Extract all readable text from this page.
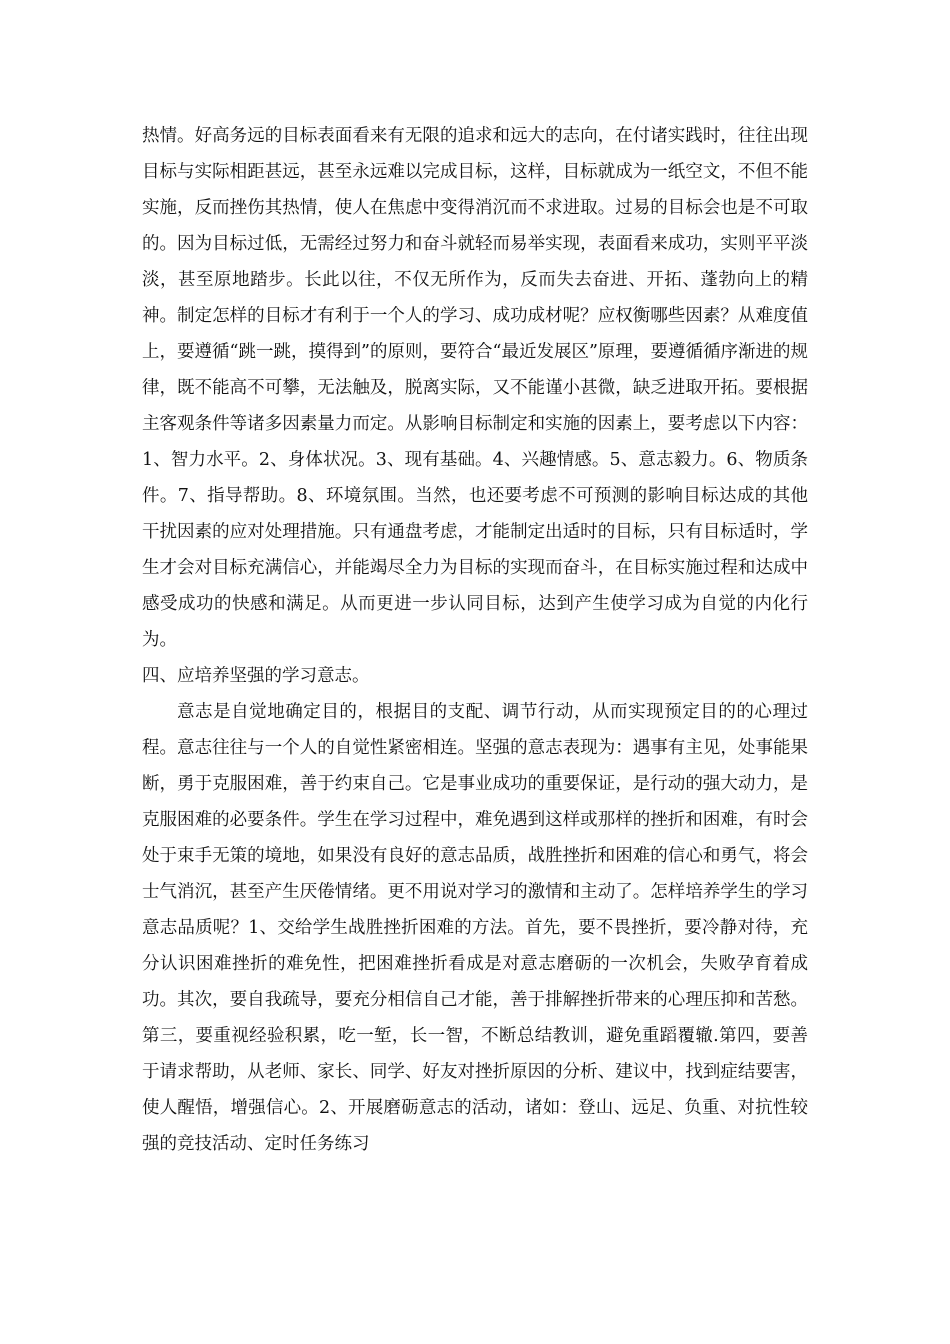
热情。好高务远的目标表面看来有无限的追求和远大的志向，在付诸实践时，往往出现目标与实际相距甚远，甚至永远难以完成目标，这样，目标就成为一纸空文，不但不能实施，反而挫伤其热情，使人在焦虑中变得消沉而不求进取。过易的目标会也是不可取的。因为目标过低，无需经过努力和奋斗就轻而易举实现，表面看来成功，实则平平淡淡，甚至原地踏步。长此以往，不仅无所作为，反而失去奋进、开拓、蓬勃向上的精神。制定怎样的目标才有利于一个人的学习、成功成材呢？应权衡哪些因素？从难度值上，要遵循“跳一跳，摸得到”的原则，要符合“最近发展区”原理，要遵循循序渐进的规律，既不能高不可攀，无法触及，脱离实际，又不能谨小甚微，缺乏进取开拓。要根据主客观条件等诸多因素量力而定。从影响目标制定和实施的因素上，要考虑以下内容：1、智力水平。2、身体状况。3、现有基础。4、兴趣情感。5、意志毅力。6、物质条件。7、指导帮助。8、环境氛围。当然，也还要考虑不可预测的影响目标达成的其他干扰因素的应对处理措施。只有通盘考虑，才能制定出适时的目标，只有目标适时，学生才会对目标充满信心，并能竭尽全力为目标的实现而奋斗，在目标实施过程和达成中感受成功的快感和满足。从而更进一步认同目标，达到产生使学习成为自觉的内化行为。

四、应培养坚强的学习意志。

意志是自觉地确定目的，根据目的支配、调节行动，从而实现预定目的的心理过程。意志往往与一个人的自觉性紧密相连。坚强的意志表现为：遇事有主见，处事能果断，勇于克服困难，善于约束自己。它是事业成功的重要保证，是行动的强大动力，是克服困难的必要条件。学生在学习过程中，难免遇到这样或那样的挫折和困难，有时会处于束手无策的境地，如果没有良好的意志品质，战胜挫折和困难的信心和勇气，将会士气消沉，甚至产生厌倦情绪。更不用说对学习的激情和主动了。怎样培养学生的学习意志品质呢？1、交给学生战胜挫折困难的方法。首先，要不畏挫折，要冷静对待，充分认识困难挫折的难免性，把困难挫折看成是对意志磨砺的一次机会，失败孕育着成功。其次，要自我疏导，要充分相信自己才能，善于排解挫折带来的心理压抑和苦愁。第三，要重视经验积累，吃一堑，长一智，不断总结教训，避免重蹈覆辙.第四，要善于请求帮助，从老师、家长、同学、好友对挫折原因的分析、建议中，找到症结要害，使人醒悟，增强信心。2、开展磨砺意志的活动，诸如：登山、远足、负重、对抗性较强的竞技活动、定时任务练习
